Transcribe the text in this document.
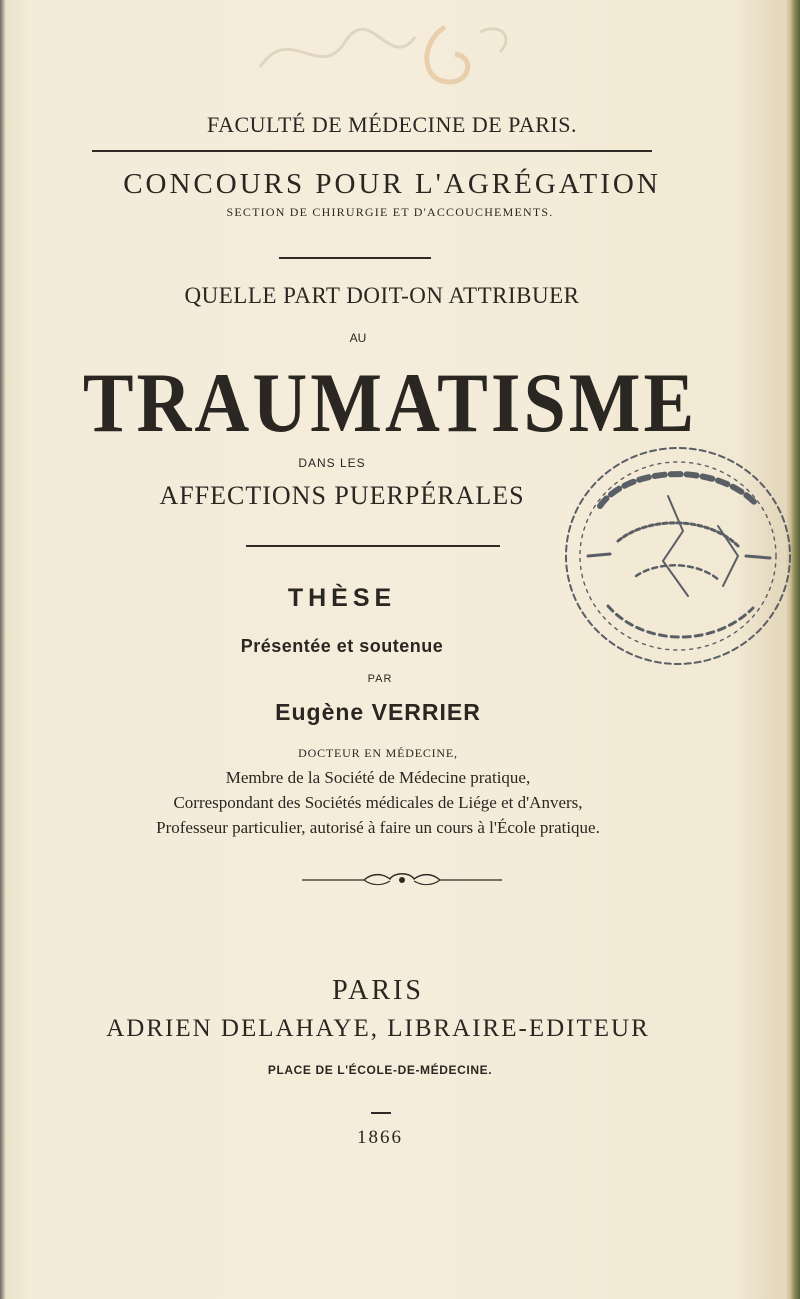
FACULTÉ DE MÉDECINE DE PARIS.
CONCOURS POUR L'AGRÉGATION
SECTION DE CHIRURGIE ET D'ACCOUCHEMENTS.
QUELLE PART DOIT-ON ATTRIBUER
AU
TRAUMATISME
DANS LES
AFFECTIONS PUERPÉRALES
THÈSE
Présentée et soutenue
PAR
Eugène VERRIER
DOCTEUR EN MÉDECINE,
Membre de la Société de Médecine pratique,
Correspondant des Sociétés médicales de Liége et d'Anvers,
Professeur particulier, autorisé à faire un cours à l'École pratique.
PARIS
ADRIEN DELAHAYE, LIBRAIRE-EDITEUR
PLACE DE L'ÉCOLE-DE-MÉDECINE.
1866
